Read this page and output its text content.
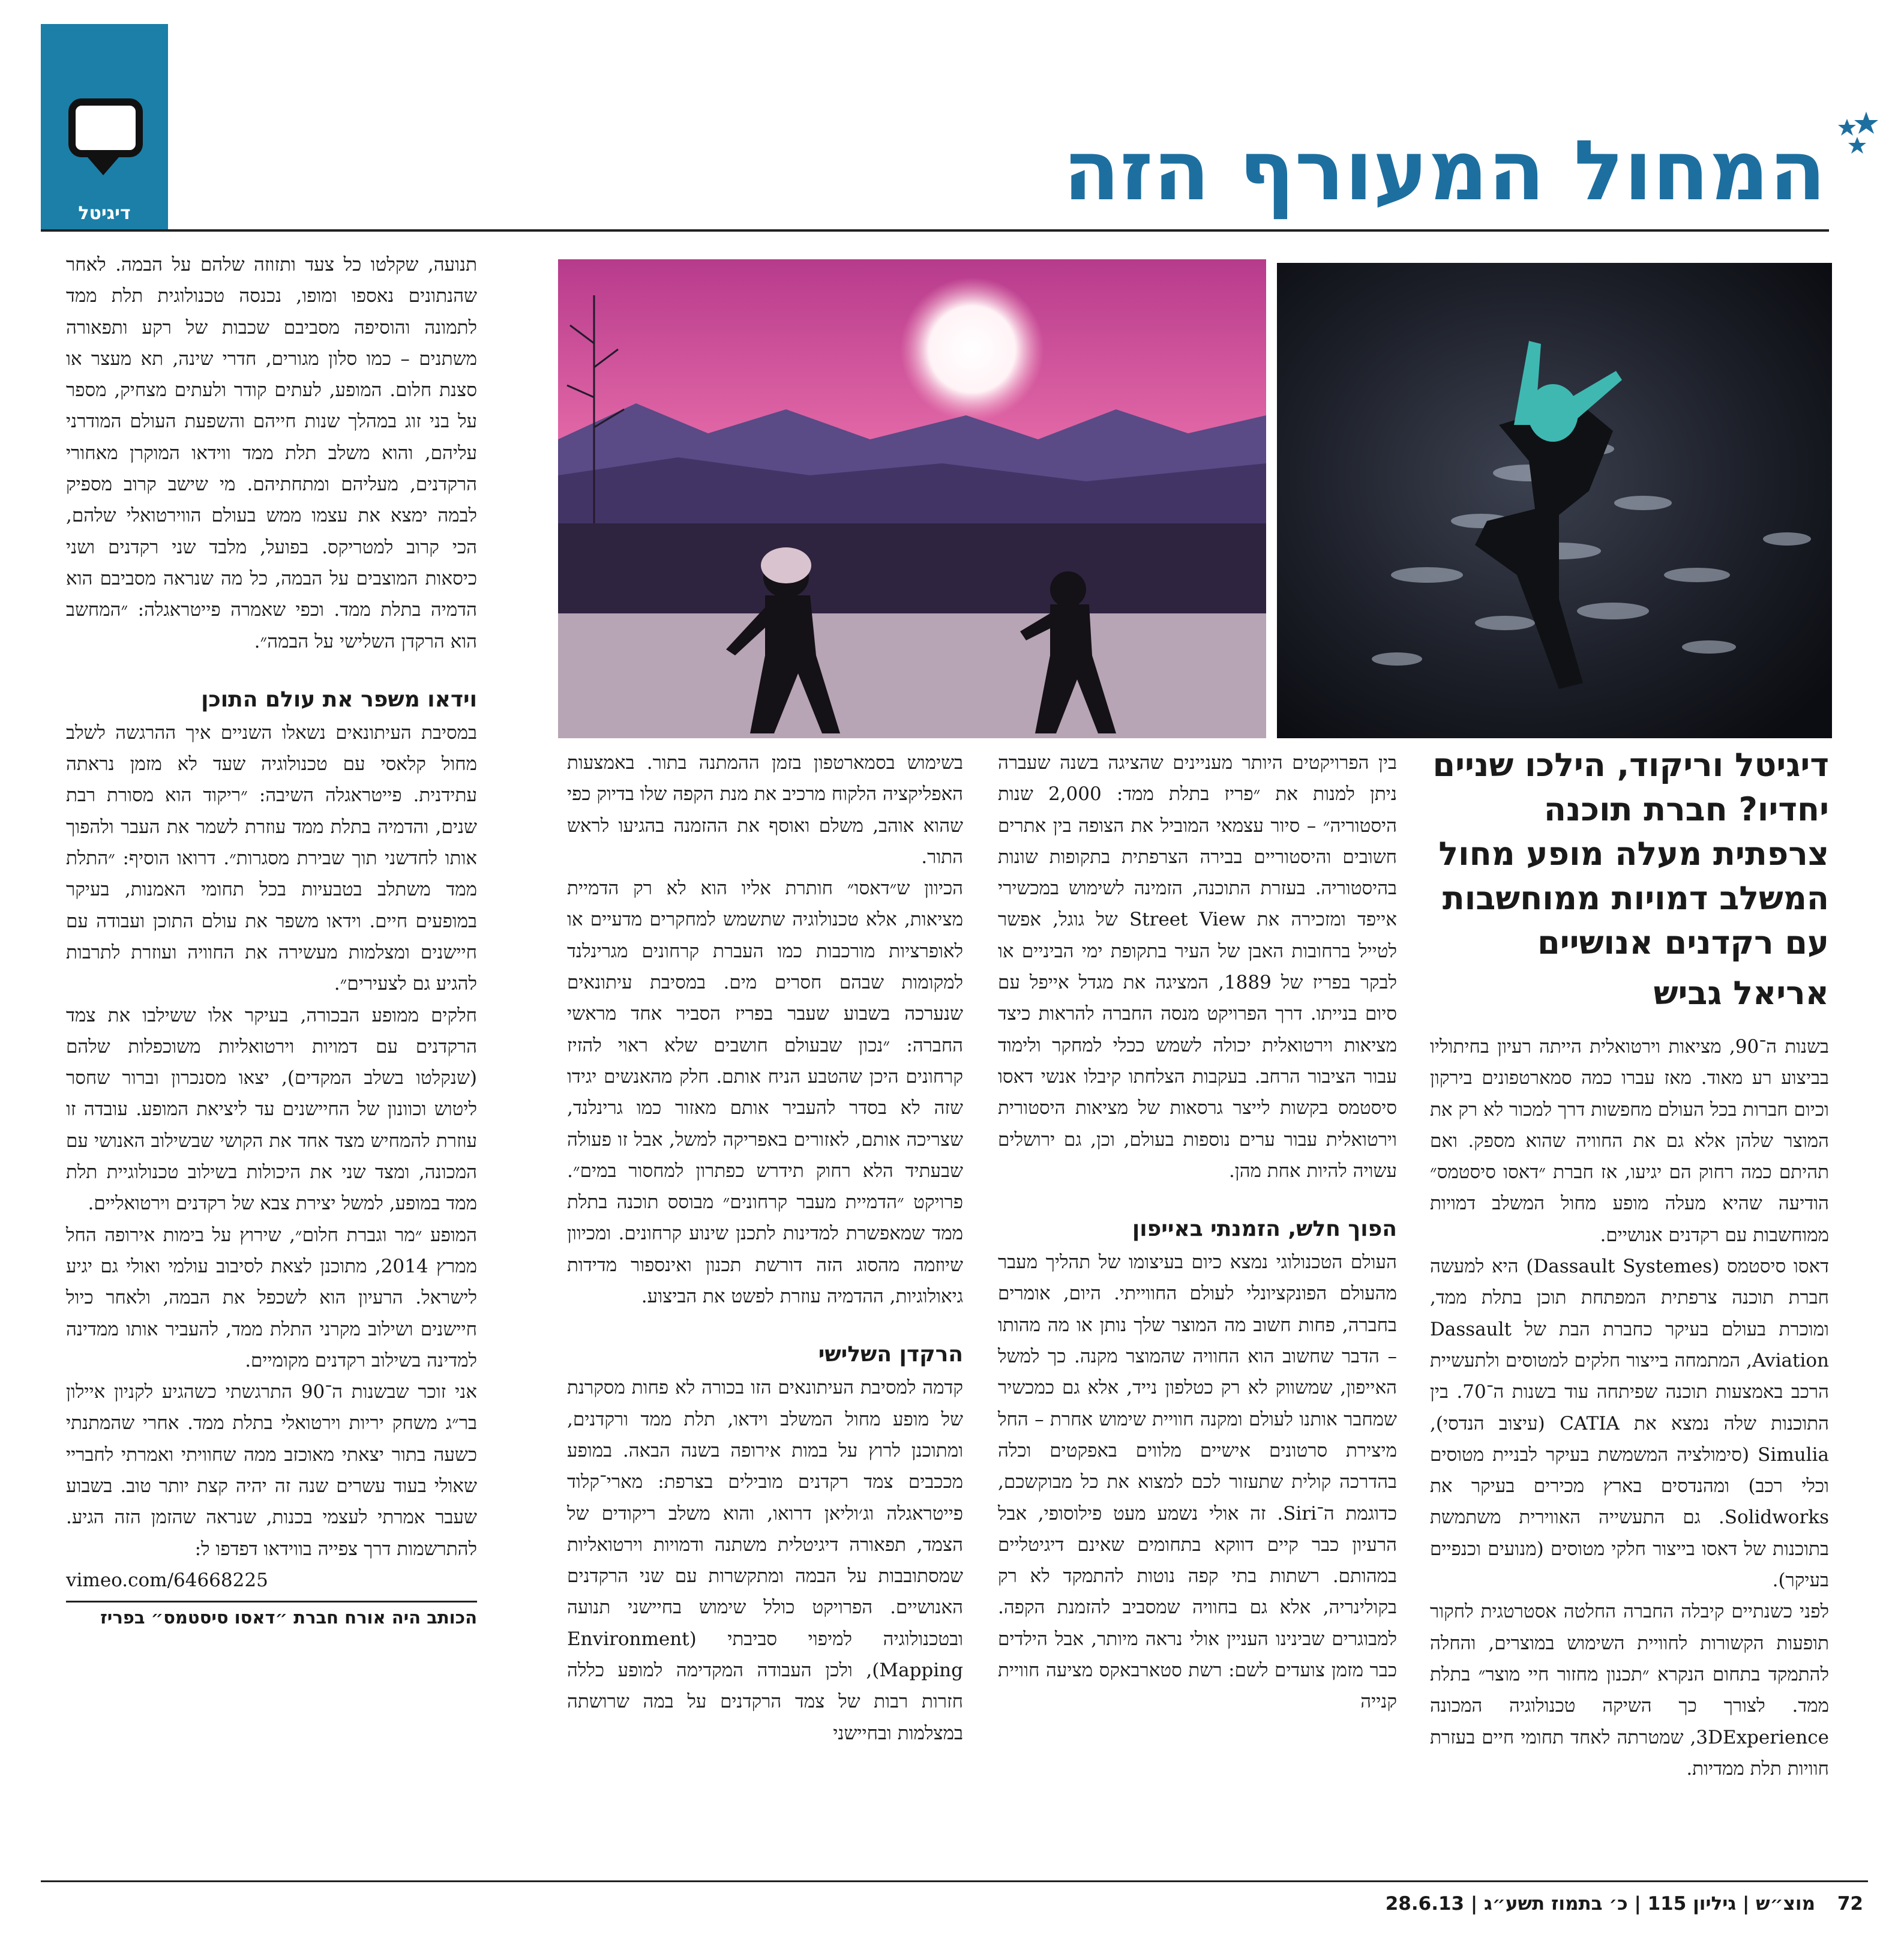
דיגיטל	המחול המעורף הזה
דיגיטל וריקוד, הילכו שניים יחדיו? חברת תוכנה צרפתית מעלה מופע מחול המשלב דמויות ממוחשבות עם רקדנים אנושיים
אריאל גביש

בשנות ה־90, מציאות וירטואלית הייתה רעיון בחיתוליו בביצוע רע מאוד. מאז עברו כמה סמארטפונים בירקון וכיום חברות בכל העולם מחפשות דרך למכור לא רק את המוצר שלהן אלא גם את החוויה שהוא מספק. ואם תהיתם כמה רחוק הם יגיעו, אז חברת ״דאסו סיסטמס״ הודיעה שהיא מעלה מופע מחול המשלב דמויות ממוחשבות עם רקדנים אנושיים.

דאסו סיסטמס (Dassault Systemes) היא למעשה חברת תוכנה צרפתית המפתחת תוכן בתלת ממד, ומוכרת בעולם בעיקר כחברת הבת של Dassault Aviation, המתמחה בייצור חלקים למטוסים ולתעשיית הרכב באמצעות תוכנה שפיתחה עוד בשנות ה־70. בין התוכנות שלה נמצא את CATIA (עיצוב הנדסי), Simulia (סימולציה המשמשת בעיקר לבניית מטוסים וכלי רכב) ומהנדסים בארץ מכירים בעיקר את Solidworks. גם התעשייה האווירית משתמשת בתוכנות של דאסו בייצור חלקי מטוסים (מנועים וכנפיים בעיקר).

לפני כשנתיים קיבלה החברה החלטה אסטרטגית לחקור תופעות הקשורות לחוויית השימוש במוצרים, והחלה להתמקד בתחום הנקרא ״תכנון מחזור חיי מוצר״ בתלת ממד. לצורך כך השיקה טכנולוגיה המכונה 3DExperience, שמטרתה לאחד תחומי חיים בעזרת חוויות תלת ממדיות.

בין הפרויקטים היותר מעניינים שהציגה בשנה שעברה ניתן למנות את ״פריז בתלת ממד: 2,000 שנות היסטוריה״ – סיור עצמאי המוביל את הצופה בין אתרים חשובים והיסטוריים בבירה הצרפתית בתקופות שונות בהיסטוריה. בעזרת התוכנה, הזמינה לשימוש במכשירי אייפד ומזכירה את Street View של גוגל, אפשר לטייל ברחובות האבן של העיר בתקופת ימי הביניים או לבקר בפריז של 1889, המציגה את מגדל אייפל עם סיום בנייתו. דרך הפרויקט מנסה החברה להראות כיצד מציאות וירטואלית יכולה לשמש ככלי למחקר ולימוד עבור הציבור הרחב. בעקבות הצלחתו קיבלו אנשי דאסו סיסטמס בקשות לייצר גרסאות של מציאות היסטורית וירטואלית עבור ערים נוספות בעולם, וכן, גם ירושלים עשויה להיות אחת מהן.

הפוך חלש, הזמנתי באייפון

העולם הטכנולוגי נמצא כיום בעיצומו של תהליך מעבר מהעולם הפונקציונלי לעולם החווייתי. היום, אומרים בחברה, פחות חשוב מה המוצר שלך נותן או מה מהותו – הדבר שחשוב הוא החוויה שהמוצר מקנה. כך למשל האייפון, שמשווק לא רק כטלפון נייד, אלא גם כמכשיר שמחבר אותנו לעולם ומקנה חוויית שימוש אחרת – החל מיצירת סרטונים אישיים מלווים באפקטים וכלה בהדרכה קולית שתעזור לכם למצוא את כל מבוקשכם, כדוגמת ה־Siri. זה אולי נשמע מעט פילוסופי, אבל הרעיון כבר קיים דווקא בתחומים שאינם דיגיטליים במהותם. רשתות בתי קפה נוטות להתמקד לא רק בקולינריה, אלא גם בחוויה שמסביב להזמנת הקפה. למבוגרים שבינינו העניין אולי נראה מיותר, אבל הילדים כבר מזמן צועדים לשם: רשת סטארבאקס מציעה חוויית קנייה

בשימוש בסמארטפון בזמן ההמתנה בתור. באמצעות האפליקציה הלקוח מרכיב את מנת הקפה שלו בדיוק כפי שהוא אוהב, משלם ואוסף את ההזמנה בהגיעו לראש התור.

הכיוון ש״דאסו״ חותרת אליו הוא לא רק הדמיית מציאות, אלא טכנולוגיה שתשמש למחקרים מדעיים או לאופרציות מורכבות כמו העברת קרחונים מגרינלנד למקומות שבהם חסרים מים. במסיבת עיתונאים שנערכה בשבוע שעבר בפריז הסביר אחד מראשי החברה: ״נכון שבעולם חושבים שלא ראוי להזיז קרחונים היכן שהטבע הניח אותם. חלק מהאנשים יגידו שזה לא בסדר להעביר אותם מאזור כמו גרינלנד, שצריכה אותם, לאזורים באפריקה למשל, אבל זו פעולה שבעתיד הלא רחוק תידרש כפתרון למחסור במים״. פרויקט ״הדמיית מעבר קרחונים״ מבוסס תוכנה בתלת ממד שמאפשרת למדינות לתכנן שינוע קרחונים. ומכיוון שיוזמה מהסוג הזה דורשת תכנון ואינספור מדידות גיאולוגיות, ההדמיה עוזרת לפשט את הביצוע.

הרקדן השלישי

קדמה למסיבת העיתונאים הזו בכורה לא פחות מסקרנת של מופע מחול המשלב וידאו, תלת ממד ורקדנים, ומתוכנן לרוץ על במות אירופה בשנה הבאה. במופע מככבים צמד רקדנים מובילים בצרפת: מארי־קלוד פייטראגלה וג׳וליאן דרואו, והוא משלב ריקודים של הצמד, תפאורה דיגיטלית משתנה ודמויות וירטואליות שמסתובבות על הבמה ומתקשרות עם שני הרקדנים האנושיים. הפרויקט כולל שימוש בחיישני תנועה ובטכנולוגיה למיפוי סביבתי (Environment Mapping), ולכן העבודה המקדימה למופע כללה חזרות רבות של צמד הרקדנים על במה שרושתה במצלמות ובחיישני

תנועה, שקלטו כל צעד ותזוזה שלהם על הבמה. לאחר שהנתונים נאספו ומופו, נכנסה טכנולוגית תלת ממד לתמונה והוסיפה מסביבם שכבות של רקע ותפאורה משתנים – כמו סלון מגורים, חדרי שינה, תא מעצר או סצנת חלום. המופע, לעתים קודר ולעתים מצחיק, מספר על בני זוג במהלך שנות חייהם והשפעת העולם המודרני עליהם, והוא משלב תלת ממד ווידאו המוקרן מאחורי הרקדנים, מעליהם ומתחתיהם. מי שישב קרוב מספיק לבמה ימצא את עצמו ממש בעולם הווירטואלי שלהם, הכי קרוב למטריקס. בפועל, מלבד שני רקדנים ושני כיסאות המוצבים על הבמה, כל מה שנראה מסביבם הוא הדמיה בתלת ממד. וכפי שאמרה פייטראגלה: ״המחשב הוא הרקדן השלישי על הבמה״.

וידאו משפר את עולם התוכן

במסיבת העיתונאים נשאלו השניים איך ההרגשה לשלב מחול קלאסי עם טכנולוגיה שעד לא מזמן נראתה עתידנית. פייטראגלה השיבה: ״ריקוד הוא מסורת רבת שנים, והדמיה בתלת ממד עוזרת לשמר את העבר ולהפוך אותו לחדשני תוך שבירת מסגרות״. דרואו הוסיף: ״התלת ממד משתלב בטבעיות בכל תחומי האמנות, בעיקר במופעים חיים. וידאו משפר את עולם התוכן ועבודה עם חיישנים ומצלמות מעשירה את החוויה ועוזרת לתרבות להגיע גם לצעירים״.

חלקים ממופע הבכורה, בעיקר אלו ששילבו את צמד הרקדנים עם דמויות וירטואליות משוכפלות שלהם (שנקלטו בשלב המקדים), יצאו מסנכרון וברור שחסר ליטוש וכוונון של החיישנים עד ליציאת המופע. עובדה זו עוזרת להמחיש מצד אחד את הקושי שבשילוב האנושי עם המכונה, ומצד שני את היכולות בשילוב טכנולוגיית תלת ממד במופע, למשל יצירת צבא של רקדנים וירטואליים.

המופע ״מר וגברת חלום״, שירוץ על בימות אירופה החל ממרץ 2014, מתוכנן לצאת לסיבוב עולמי ואולי גם יגיע לישראל. הרעיון הוא לשכפל את הבמה, ולאחר כיול חיישנים ושילוב מקרני התלת ממד, להעביר אותו ממדינה למדינה בשילוב רקדנים מקומיים.

אני זוכר שבשנות ה־90 התרגשתי כשהגיע לקניון איילון בר״ג משחק יריות וירטואלי בתלת ממד. אחרי שהמתנתי כשעה בתור יצאתי מאוכזב ממה שחוויתי ואמרתי לחבריי שאולי בעוד עשרים שנה זה יהיה קצת יותר טוב. בשבוע שעבר אמרתי לעצמי בכנות, שנראה שהזמן הזה הגיע. להתרשמות דרך צפייה בווידאו דפדפו ל:

vimeo.com/64668225

הכותב היה אורח חברת ״דאסו סיסטמס״ בפריז
72
מוצ״ש | גיליון 115 | כ׳ בתמוז תשע״ג | 28.6.13
